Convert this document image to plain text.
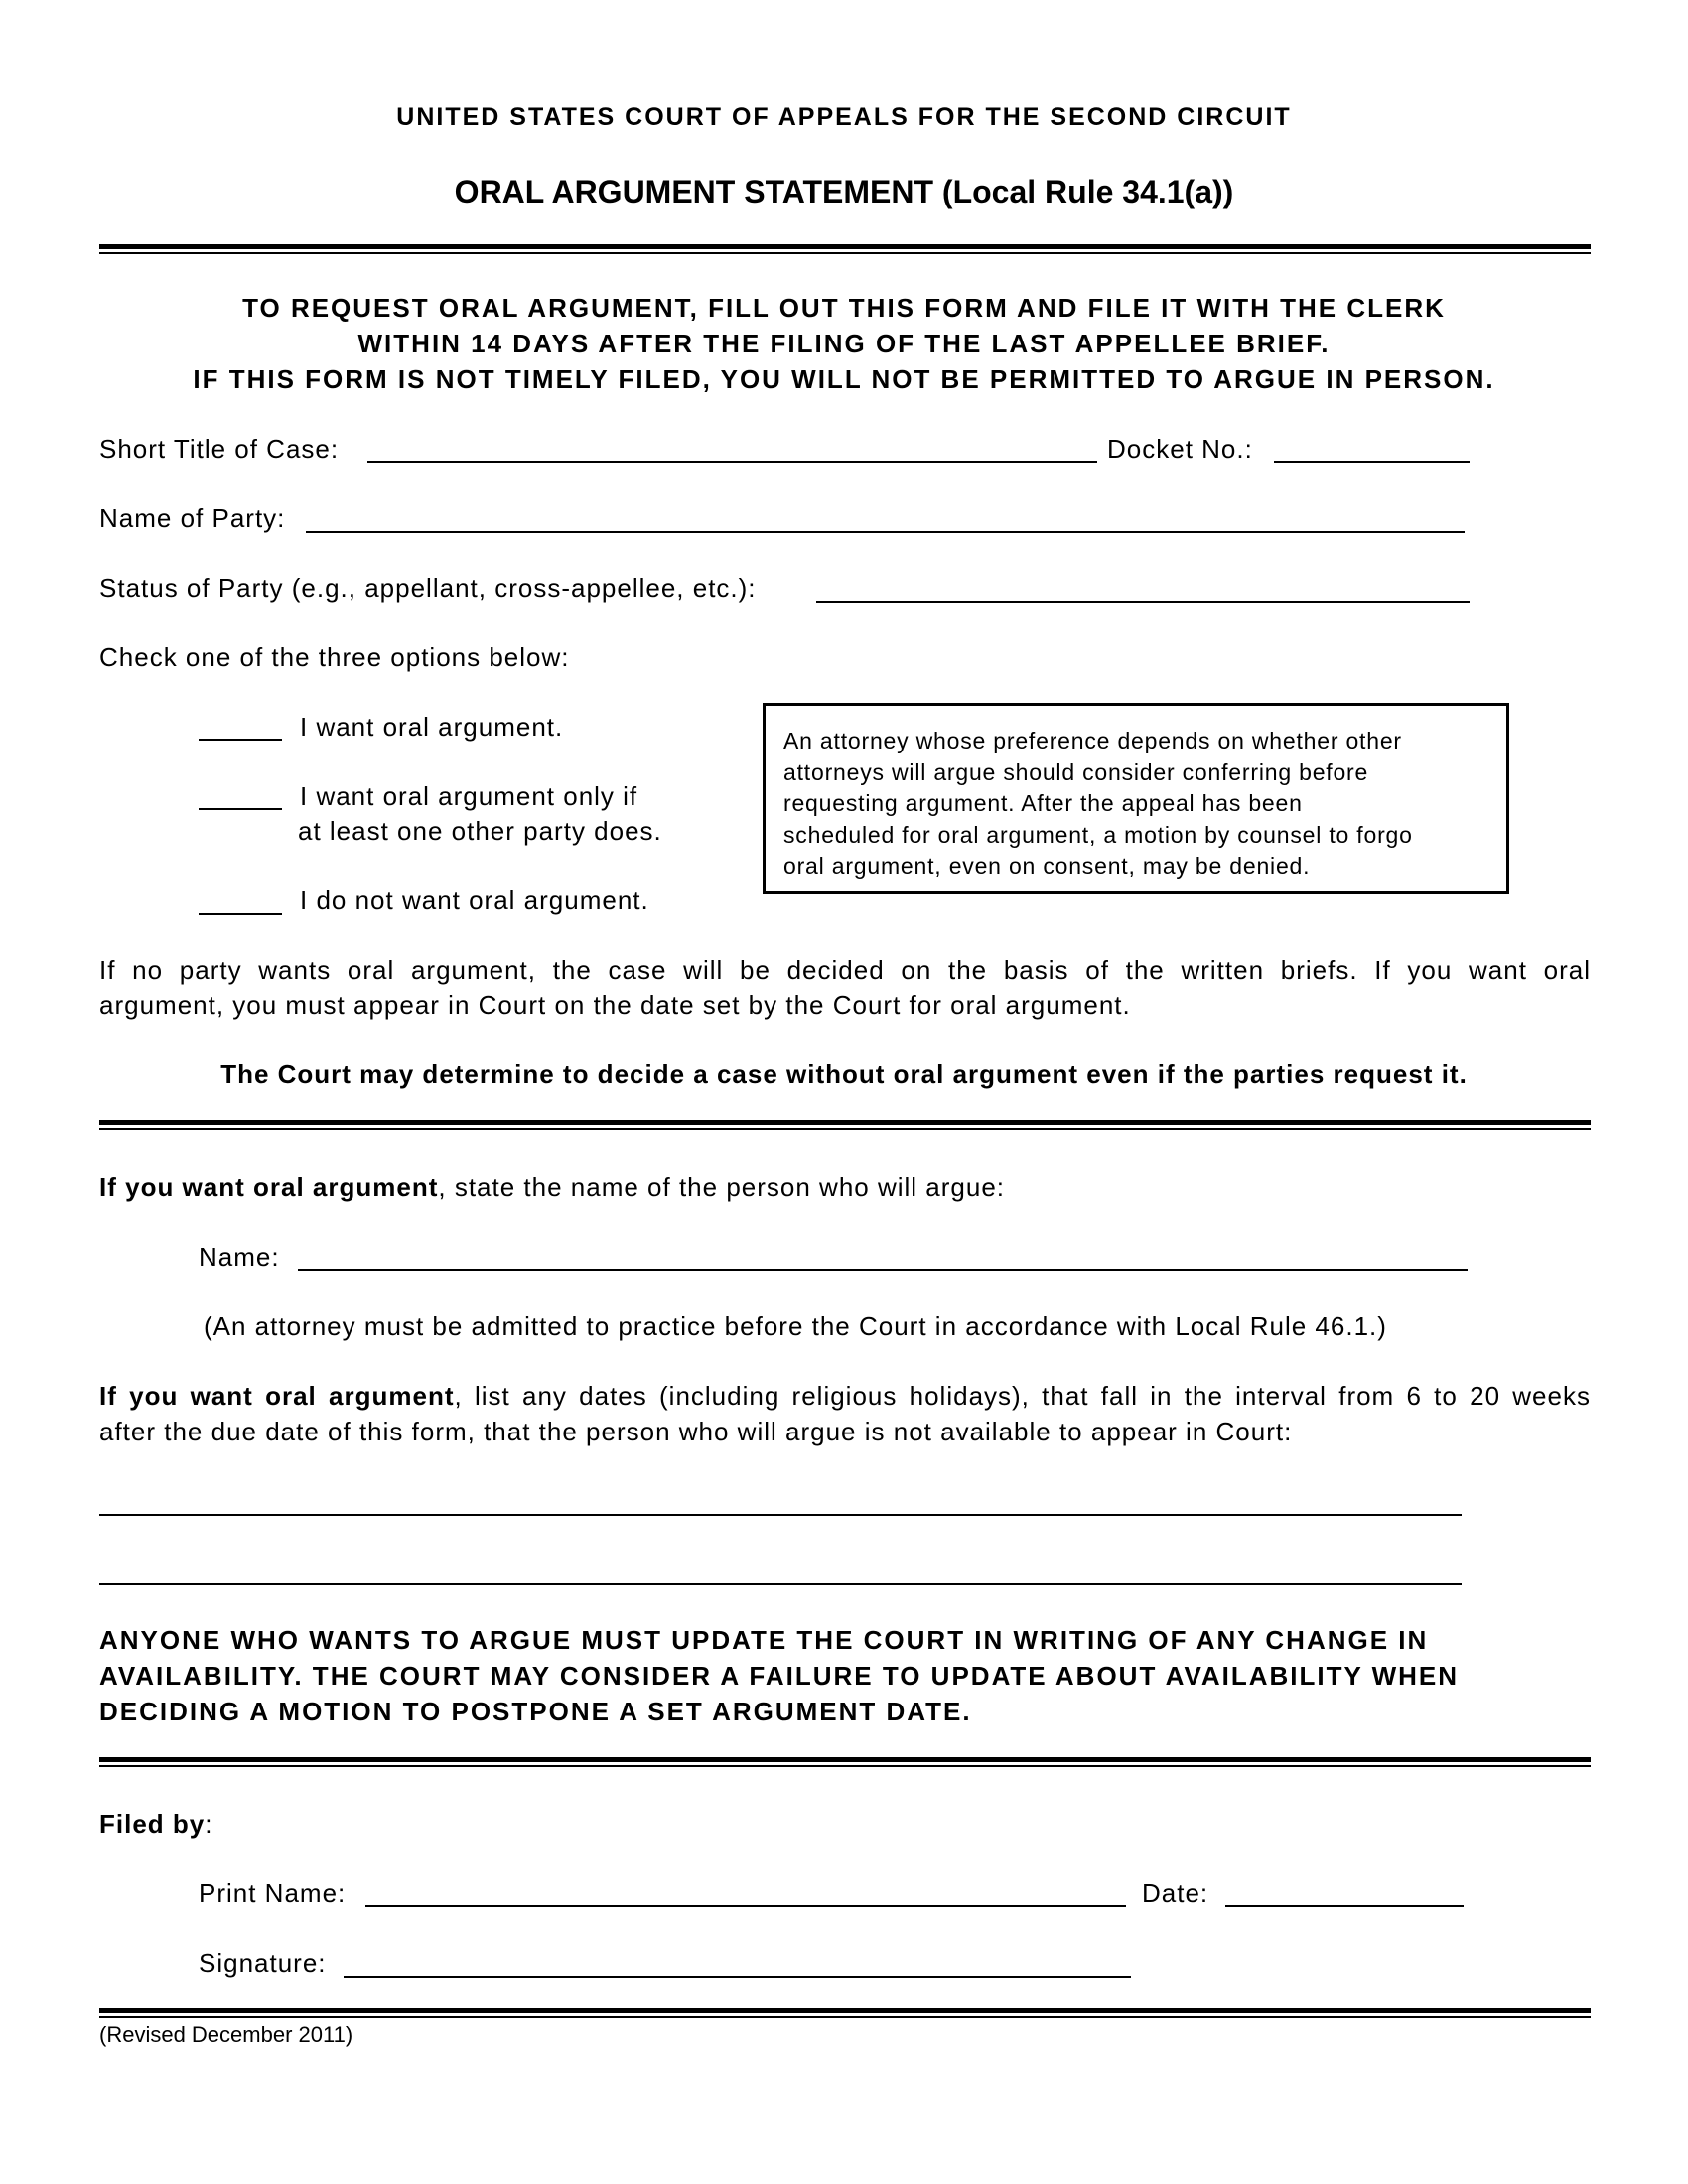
UNITED STATES COURT OF APPEALS FOR THE SECOND CIRCUIT
ORAL ARGUMENT STATEMENT (Local Rule 34.1(a))
TO REQUEST ORAL ARGUMENT, FILL OUT THIS FORM AND FILE IT WITH THE CLERK
WITHIN 14 DAYS AFTER THE FILING OF THE LAST APPELLEE BRIEF.
IF THIS FORM IS NOT TIMELY FILED, YOU WILL NOT BE PERMITTED TO ARGUE IN PERSON.
Short Title of Case:	Docket No.:
Name of Party:
Status of Party (e.g., appellant, cross-appellee, etc.):
Check one of the three options below:
I want oral argument.
I want oral argument only if
at least one other party does.
I do not want oral argument.
An attorney whose preference depends on whether other
attorneys will argue should consider conferring before
requesting argument. After the appeal has been
scheduled for oral argument, a motion by counsel to forgo
oral argument, even on consent, may be denied.
If no party wants oral argument, the case will be decided on the basis of the written briefs. If you want oral
argument, you must appear in Court on the date set by the Court for oral argument.
The Court may determine to decide a case without oral argument even if the parties request it.
If you want oral argument, state the name of the person who will argue:
Name:
(An attorney must be admitted to practice before the Court in accordance with Local Rule 46.1.)
If you want oral argument, list any dates (including religious holidays), that fall in the interval from 6 to 20 weeks
after the due date of this form, that the person who will argue is not available to appear in Court:
ANYONE WHO WANTS TO ARGUE MUST UPDATE THE COURT IN WRITING OF ANY CHANGE IN
AVAILABILITY. THE COURT MAY CONSIDER A FAILURE TO UPDATE ABOUT AVAILABILITY WHEN
DECIDING A MOTION TO POSTPONE A SET ARGUMENT DATE.
Filed by:
Print Name:	Date:
Signature:
(Revised December 2011)
